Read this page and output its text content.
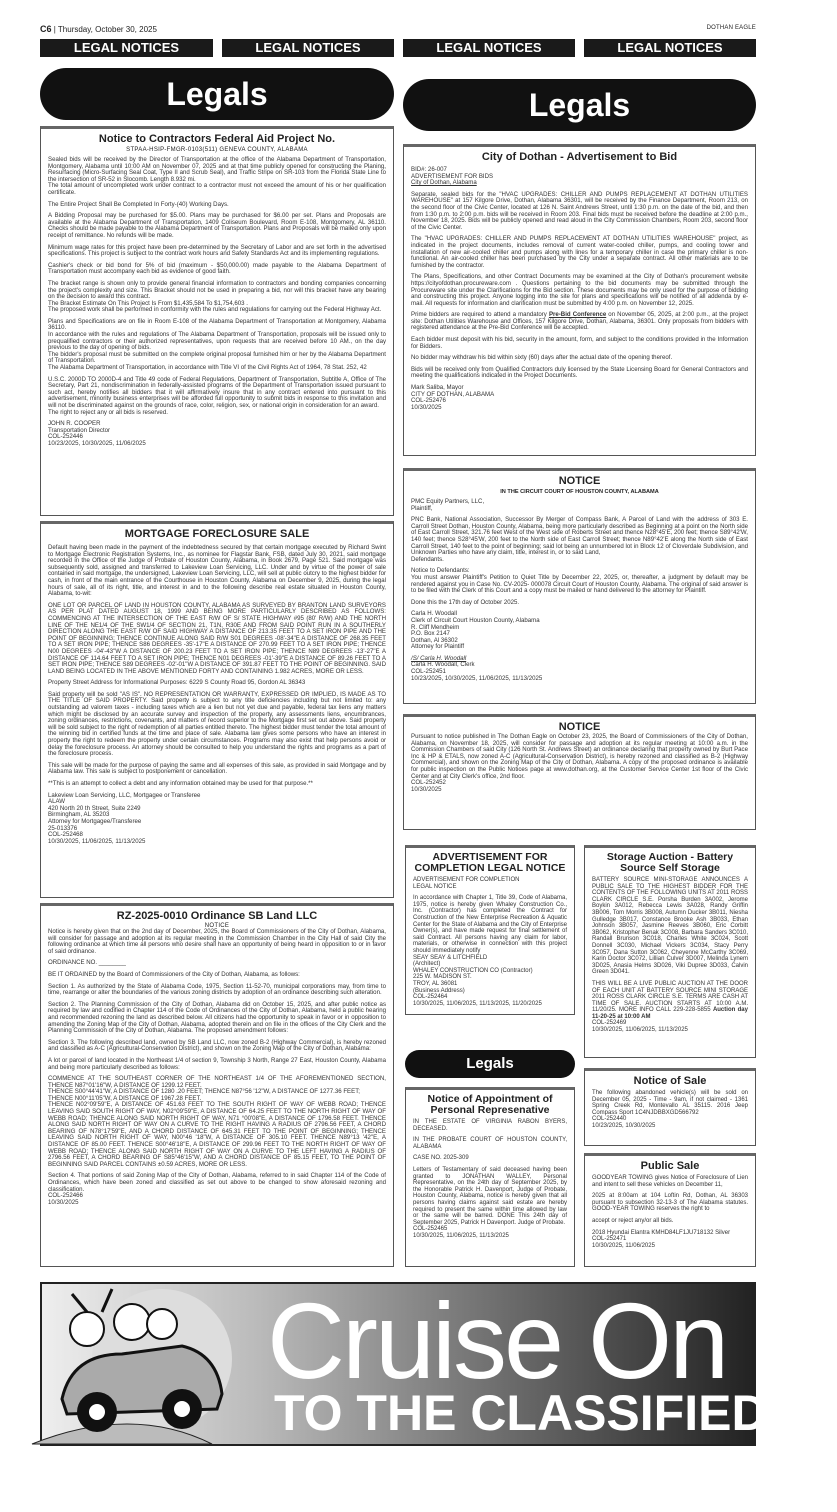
C6 | Thursday, October 30, 2025	DOTHAN EAGLE
LEGAL NOTICES	LEGAL NOTICES	LEGAL NOTICES	LEGAL NOTICES
Legals	Legals
Notice to Contractors Federal Aid Project No.
STPAA-HSIP-FMGR-0103(511) GENEVA COUNTY, ALABAMA

Sealed bids will be received by the Director of Transportation at the office of the Alabama Department of Transportation, Montgomery, Alabama until 10:00 AM on November 07, 2025 and at that time publicly opened for constructing the Planing, Resurfacing (Micro-Surfacing Seal Coat, Type II and Scrub Seal), and Traffic Stripe on SR-103 from the Florida State Line to the intersection of SR-52 in Slocomb. Length 8.932 mi.
The total amount of uncompleted work under contract to a contractor must not exceed the amount of his or her qualification certificate.

The Entire Project Shall Be Completed In Forty-(40) Working Days.

A Bidding Proposal may be purchased for $5.00. Plans may be purchased for $6.00 per set. Plans and Proposals are available at the Alabama Department of Transportation, 1409 Coliseum Boulevard, Room E-108, Montgomery, AL 36110. Checks should be made payable to the Alabama Department of Transportation. Plans and Proposals will be mailed only upon receipt of remittance. No refunds will be made.

Minimum wage rates for this project have been pre-determined by the Secretary of Labor and are set forth in the advertised specifications. This project is subject to the contract work hours and Safety Standards Act and its implementing regulations.

Cashier's check or bid bond for 5% of bid (maximum - $50,000.00) made payable to the Alabama Department of Transportation must accompany each bid as evidence of good faith.

The bracket range is shown only to provide general financial information to contractors and bonding companies concerning the project's complexity and size. This Bracket should not be used in preparing a bid, nor will this bracket have any bearing on the decision to award this contract.
The Bracket Estimate On This Project Is From $1,435,584 To $1,754,603 .
The proposed work shall be performed in conformity with the rules and regulations for carrying out the Federal Highway Act.

Plans and Specifications are on file in Room E-108 of the Alabama Department of Transportation at Montgomery, Alabama 36110.
In accordance with the rules and regulations of The Alabama Department of Transportation, proposals will be issued only to prequalified contractors or their authorized representatives, upon requests that are received before 10 AM., on the day previous to the day of opening of bids.
The bidder's proposal must be submitted on the complete original proposal furnished him or her by the Alabama Department of Transportation.
The Alabama Department of Transportation, in accordance with Title VI of the Civil Rights Act of 1964, 78 Stat. 252, 42

U.S.C. 2000D TO 2000D-4 and Title 49 code of Federal Regulations, Department of Transportation, Subtitle A, Office of The Secretary, Part 21, nondiscrimination in federally-assisted programs of the Department of Transportation issued pursuant to such act, hereby notifies all bidders that it will affirmatively insure that in any contract entered into pursuant to this advertisement, minority business enterprises will be afforded full opportunity to submit bids in response to this invitation and will not be discriminated against on the grounds of race, color, religion, sex, or national origin in consideration for an award.
The right to reject any or all bids is reserved.

JOHN R. COOPER
Transportation Director
COL-252446
10/23/2025, 10/30/2025, 11/06/2025

MORTGAGE FORECLOSURE SALE

Default having been made in the payment of the indebtedness secured by that certain mortgage executed by Richard Swint to Mortgage Electronic Registration Systems, Inc., as nominee for Flagstar Bank, FSB, dated July 30, 2021, said mortgage recorded in the Office of the Judge of Probate of Houston County, Alabama, in Book 2679, Page 521. Said mortgage was subsequently sold, assigned and transferred to Lakeview Loan Servicing, LLC. Under and by virtue of the power of sale contained in said mortgage, the undersigned, Lakeview Loan Servicing, LLC, will sell at public outcry to the highest bidder for cash, in front of the main entrance of the Courthouse in Houston County, Alabama on December 9, 2025, during the legal hours of sale, all of its right, title, and interest in and to the following describe real estate situated in Houston County, Alabama, to-wit:

ONE LOT OR PARCEL OF LAND IN HOUSTON COUNTY, ALABAMA AS SURVEYED BY BRANTON LAND SURVEYORS AS PER PLAT DATED AUGUST 18, 1999 AND BEING MORE PARTICULARLY DESCRIBED AS FOLLOWS: COMMENCING AT THE INTERSECTION OF THE EAST R/W OF S/ STATE HIGHWAY #95 (80' R/W) AND THE NORTH LINE OF THE NE1/4 OF THE SW1/4 OF SECTION 21, T1N, R30E AND FROM SAID POINT RUN IN A SOUTHERLY DIRECTION ALONG THE EAST R/W OF SAID HIGHWAY A DISTANCE OF 213.35 FEET TO A SET IRON PIPE AND THE POINT OF BEGINNING; THENCE CONTINUE ALONG SAID R/W S01 DEGREES -08'-34"E A DISTANCE OF 268.35 FEET TO A SET IRON PIPE; THENCE S86 DEGREES -35'-17"E A DISTANCE OF 270.99 FEET TO A SET IRON PIPE; THENCE N00 DEGREES -04'-43"W A DISTANCE OF 200.23 FEET TO A SET IRON PIPE; THENCE N89 DEGREES -13'-27"E A DISTANCE OF 114.64 FEET TO A SET IRON PIPE; THENCE N01 DEGREES -01'-39"E A DISTANCE OF 89.26 FEET TO A SET IRON PIPE; THENCE S89 DEGREES -02'-01"W A DISTANCE OF 391.87 FEET TO THE POINT OF BEGINNING. SAID LAND BEING LOCATED IN THE ABOVE MENTIONED FORTY AND CONTAINING 1.982 ACRES, MORE OR LESS.

Property Street Address for Informational Purposes: 6229 S County Road 95, Gordon AL 36343

Said property will be sold "AS IS". NO REPRESENTATION OR WARRANTY, EXPRESSED OR IMPLIED, IS MADE AS TO THE TITLE OF SAID PROPERTY. Said property is subject to any title deficiencies including but not limited to: any outstanding ad valorem taxes - including taxes which are a lien but not yet due and payable, federal tax liens any matters which might be disclosed by an accurate survey and inspection of the property, any assessments liens, encumbrances, zoning ordinances, restrictions, covenants, and matters of record superior to the Mortgage first set out above. Said property will be sold subject to the right of redemption of all parties entitled thereto. The highest bidder must tender the total amount of the winning bid in certified funds at the time and place of sale. Alabama law gives some persons who have an interest in property the right to redeem the property under certain circumstances. Programs may also exist that help persons avoid or delay the foreclosure process. An attorney should be consulted to help you understand the rights and programs as a part of the foreclosure process.

This sale will be made for the purpose of paying the same and all expenses of this sale, as provided in said Mortgage and by Alabama law. This sale is subject to postponement or cancellation.

**This is an attempt to collect a debt and any information obtained may be used for that purpose.**

Lakeview Loan Servicing, LLC, Mortgagee or Transferee
ALAW
420 North 20 th Street, Suite 2249
Birmingham, AL 35203
Attorney for Mortgagee/Transferee
25-013376
COL-252468
10/30/2025, 11/06/2025, 11/13/2025

RZ-2025-0010 Ordinance SB Land LLC
NOTICE

Notice is hereby given that on the 2nd day of December, 2025, the Board of Commissioners of the City of Dothan, Alabama, will consider for passage and adoption at its regular meeting in the Commission Chamber in the City Hall of said City the following ordinance at which time all persons who desire shall have an opportunity of being heard in opposition to or in favor of said ordinance.

ORDINANCE NO. ________

BE IT ORDAINED by the Board of Commissioners of the City of Dothan, Alabama, as follows:

Section 1. As authorized by the State of Alabama Code, 1975, Section 11-52-70, municipal corporations may, from time to time, rearrange or alter the boundaries of the various zoning districts by adoption of an ordinance describing such alteration.

Section 2. The Planning Commission of the City of Dothan, Alabama did on October 15, 2025, and after public notice as required by law and codified in Chapter 114 of the Code of Ordinances of the City of Dothan, Alabama, held a public hearing and recommended rezoning the land as described below. All citizens had the opportunity to speak in favor or in opposition to amending the Zoning Map of the City of Dothan, Alabama, adopted therein and on file in the offices of the City Clerk and the Planning Commission of the City of Dothan, Alabama. The proposed amendment follows:

Section 3. The following described land, owned by SB Land LLC, now zoned B-2 (Highway Commercial), is hereby rezoned and classified as A-C (Agricultural-Conservation District), and shown on the Zoning Map of the City of Dothan, Alabama:

A lot or parcel of land located in the Northeast 1/4 of section 9, Township 3 North, Range 27 East, Houston County, Alabama and being more particularly described as follows:

COMMENCE AT THE SOUTHEAST CORNER OF THE NORTHEAST 1/4 OF THE AFOREMENTIONED SECTION, THENCE N87°01'16"W, A DISTANCE OF 1299.12 FEET.
THENCE S00°44'41"W, A DISTANCE OF 1280 .20 FEET; THENCE N87°56 '12"W, A DISTANCE OF 1277.36 FEET;
THENCE N00°11'05"W, A DISTANCE OF 1967.28 FEET.
THENCE N02°09'59"E, A DISTANCE OF 451.63 FEET TO THE SOUTH RIGHT OF WAY OF WEBB ROAD; THENCE LEAVING SAID SOUTH RIGHT OF WAY, N02°09'59"E, A DISTANCE OF 64.25 FEET TO THE NORTH RIGHT OF WAY OF WEBB ROAD; THENCE ALONG SAID NORTH RIGHT OF WAY, N71 °00'08"E, A DISTANCE OF 1796.58 FEET. THENCE ALONG SAID NORTH RIGHT OF WAY ON A CURVE TO THE RIGHT HAVING A RADIUS OF 2796.56 FEET, A CHORD BEARING OF N78°17'59"E, AND A CHORD DISTANCE OF 645.31 FEET TO THE POINT OF BEGINNING; THENCE LEAVING SAID NORTH RIGHT OF WAY, N00°46 '18"W, A DISTANCE OF 305.10 FEET. THENCE N89°13 '42"E, A DISTANCE OF 85.00 FEET. THENCE S00°46'18"E, A DISTANCE OF 299.96 FEET TO THE NORTH RIGHT OF WAY OF WEBB ROAD; THENCE ALONG SAID NORTH RIGHT OF WAY ON A CURVE TO THE LEFT HAVING A RADIUS OF 2796.56 FEET, A CHORD BEARING OF S85°46'15"W, AND A CHORD DISTANCE OF 85.15 FEET, TO THE POINT OF BEGINNING SAID PARCEL CONTAINS ±0.59 ACRES, MORE OR LESS.

Section 4. That portions of said Zoning Map of the City of Dothan, Alabama, referred to in said Chapter 114 of the Code of Ordinances, which have been zoned and classified as set out above to be changed to show aforesaid rezoning and classification.
COL-252466
10/30/2025

City of Dothan - Advertisement to Bid

BID#: 26-007
ADVERTISEMENT FOR BIDS

City of Dothan, Alabama

Separate, sealed bids for the "HVAC UPGRADES: CHILLER AND PUMPS REPLACEMENT AT DOTHAN UTILITIES WAREHOUSE" at 157 Kilgore Drive, Dothan, Alabama 36301, will be received by the Finance Department, Room 213, on the second floor of the Civic Center, located at 126 N. Saint Andrews Street, until 1:30 p.m. on the date of the bid, and then from 1:30 p.m. to 2:00 p.m. bids will be received in Room 203. Final bids must be received before the deadline at 2:00 p.m., November 18, 2025. Bids will be publicly opened and read aloud in the City Commission Chambers, Room 203, second floor of the Civic Center.

The "HVAC UPGRADES: CHILLER AND PUMPS REPLACEMENT AT DOTHAN UTILITIES WAREHOUSE" project, as indicated in the project documents, includes removal of current water-cooled chiller, pumps, and cooling tower and installation of new air-cooled chiller and pumps along with lines for a temporary chiller in case the primary chiller is non-functional. An air-cooled chiller has been purchased by the City under a separate contract. All other materials are to be furnished by the contractor.

The Plans, Specifications, and other Contract Documents may be examined at the City of Dothan's procurement website https://cityofdothan.procureware.com . Questions pertaining to the bid documents may be submitted through the Procureware site under the Clarifications for the Bid section. These documents may be only used for the purpose of bidding and constructing this project. Anyone logging into the site for plans and specifications will be notified of all addenda by e-mail. All requests for information and clarification must be submitted by 4:00 p.m. on November 12, 2025.

Prime bidders are required to attend a mandatory Pre-Bid Conference on November 05, 2025, at 2:00 p.m., at the project site: Dothan Utilities Warehouse and Offices, 157 Kilgore Drive, Dothan, Alabama, 36301. Only proposals from bidders with registered attendance at the Pre-Bid Conference will be accepted.

Each bidder must deposit with his bid, security in the amount, form, and subject to the conditions provided in the Information for Bidders.

No bidder may withdraw his bid within sixty (60) days after the actual date of the opening thereof.

Bids will be received only from Qualified Contractors duly licensed by the State Licensing Board for General Contractors and meeting the qualifications indicated in the Project Documents.

Mark Saliba, Mayor
CITY OF DOTHAN, ALABAMA
COL-252476
10/30/2025

NOTICE
IN THE CIRCUIT COURT OF HOUSTON COUNTY, ALABAMA

PMC Equity Partners, LLC,
Plaintiff,

PNC Bank, National Association, Successor By Merger of Compass Bank, A Parcel of Land with the address of 303 E. Carroll Street Dothan, Houston County, Alabama, being more particularly described as Beginning at a point on the North side of East Carroll Street, 321.76 feet West of the West side of Roberts Street and thence N28°45'E, 200 feet; thence S89°42'W, 140 feet; thence S28°45'W, 200 feet to the North side of East Carroll Street; thence N89°42'E along the North side of East Carroll Street, 140 feet to the point of beginning; said lot being an unnumbered lot in Block 12 of Cloverdale Subdivision, and Unknown Parties who have any claim, title, interest in, or to said Land,
Defendants.

Notice to Defendants:
You must answer Plaintiff's Petition to Quiet Title by December 22, 2025, or, thereafter, a judgment by default may be rendered against you in Case No. CV-2025- 000078 Circuit Court of Houston County, Alabama. The original of said answer is to be filed with the Clerk of this Court and a copy must be mailed or hand delivered to the attorney for Plaintiff.

Done this the 17th day of October 2025.

Carla H. Woodall
Clerk of Circuit Court Houston County, Alabama
R. Cliff Mendheim
P.O. Box 2147
Dothan, Al 36302
Attorney for Plaintiff

/S/ Carla H. Woodall

Carla H. Woodall, Clerk
COL-252451
10/23/2025, 10/30/2025, 11/06/2025, 11/13/2025

NOTICE

Pursuant to notice published in The Dothan Eagle on October 23, 2025, the Board of Commissioners of the City of Dothan, Alabama, on November 18, 2025, will consider for passage and adoption at its regular meeting at 10:00 a.m. in the Commission Chambers of said City (126 North St. Andrews Street) an ordinance declaring that property owned by Burt Pace Inc & HP & ETALS, now zoned A-C (Agricultural-Conservation District), is hereby rezoned and classified as B-2 (Highway Commercial), and shown on the Zoning Map of the City of Dothan, Alabama. A copy of the proposed ordinance is available for public inspection on the Public Notices page at www.dothan.org, at the Customer Service Center 1st floor of the Civic Center and at City Clerk's office, 2nd floor.
COL-252452
10/30/2025

ADVERTISEMENT FOR COMPLETION LEGAL NOTICE

ADVERTISEMENT FOR COMPLETION
LEGAL NOTICE

In accordance with Chapter 1, Title 39, Code of Alabama, 1975, notice is hereby given Whaley Construction Co., Inc. (Contractor) has completed the Contract for Construction of the New Enterprise Recreation & Aquatic Center for the State of Alabama and the City of Enterprise Owner(s), and have made request for final settlement of said Contract. All persons having any claim for labor, materials, or otherwise in connection with this project should immediately notify
SEAY SEAY & LITCHFIELD
(Architect)
WHALEY CONSTRUCTION CO (Contractor)
225 W. MADISON ST.
TROY, AL 36081
(Business Address)
COL-252464
10/30/2025, 11/06/2025, 11/13/2025, 11/20/2025

Storage Auction - Battery Source Self Storage

BATTERY SOURCE MINI-STORAGE ANNOUNCES A PUBLIC SALE TO THE HIGHEST BIDDER FOR THE CONTENTS OF THE FOLLOWING UNITS AT 2011 ROSS CLARK CIRCLE S.E. Porsha Burden 3A002, Jerome Boykin 3A012, Rebecca Lewis 3A028, Randy Griffin 3B006, Tom Morris 3B008, Autumn Ducker 3B011, Niesha Gulledge 3B017, Constance Brooke Ash 3B033, Ethan Johnson 3B057, Jasmine Reeves 3B060, Eric Corbitt 3B062, Kristopher Benak 3C008, Barbara Sanders 3C010, Randall Brunson 3C018, Charles White 3C024, Scott Donnell 3C030, Michael Vickers 3C034, Stacy Perry 3C057, Dana Sutton 3C062, Cheyenne McCarthy 3C069, Karin Doctor 3C072, Lillian Culver 3D007, Melinda Lynem 3D025, Anasia Helms 3D026, Viki Dupree 3D033, Calvin Green 3D041.

THIS WILL BE A LIVE PUBLIC AUCTION AT THE DOOR OF EACH UNIT AT BATTERY SOURCE MINI STORAGE 2011 ROSS CLARK CIRCLE S.E. TERMS ARE CASH AT TIME OF SALE. AUCTION STARTS AT 10:00 A.M. 11/20/25. MORE INFO CALL 229-228-5855 Auction day 11-20-25 at 10:00 AM

COL-252469
10/30/2025, 11/06/2025, 11/13/2025

Legals
Notice of Appointment of Personal Represenative

IN THE ESTATE OF VIRGINIA RABON BYERS, DECEASED.

IN THE PROBATE COURT OF HOUSTON COUNTY, ALABAMA

CASE NO. 2025-309

Letters of Testamentary of said deceased having been granted to JONATHAN WALLEY, Personal Representative, on the 24th day of September 2025, by the Honorable Patrick H. Davenport, Judge of Probate, Houston County, Alabama, notice is hereby given that all persons having claims against said estate are hereby required to present the same within time allowed by law or the same will be barred. DONE This 24th day of September 2025, Patrick H Davenport. Judge of Probate.
COL-252465
10/30/2025, 11/06/2025, 11/13/2025

Notice of Sale

The following abandoned vehicle(s) will be sold on December 05, 2025 - Time - 9am, if not claimed - 1361 Spring Creek Rd, Montevallo AL 35115. 2016 Jeep Compass Sport 1C4NJDBBXGD566792
COL-252440
10/23/2025, 10/30/2025

Public Sale

GOODYEAR TOWING gives Notice of Foreclosure of Lien and intent to sell these vehicles on December 11,

2025 at 8:00am at 104 Loftin Rd, Dothan, AL 36303 pursuant to subsection 32-13-3 of The Alabama statutes. GOOD-YEAR TOWING reserves the right to

accept or reject any/or all bids.

2018 Hyundai Elantra KMHD84LF1JU718132 Silver
COL-252471
10/30/2025, 11/06/2025

Cruise On In
TO THE CLASSIFIEDS
